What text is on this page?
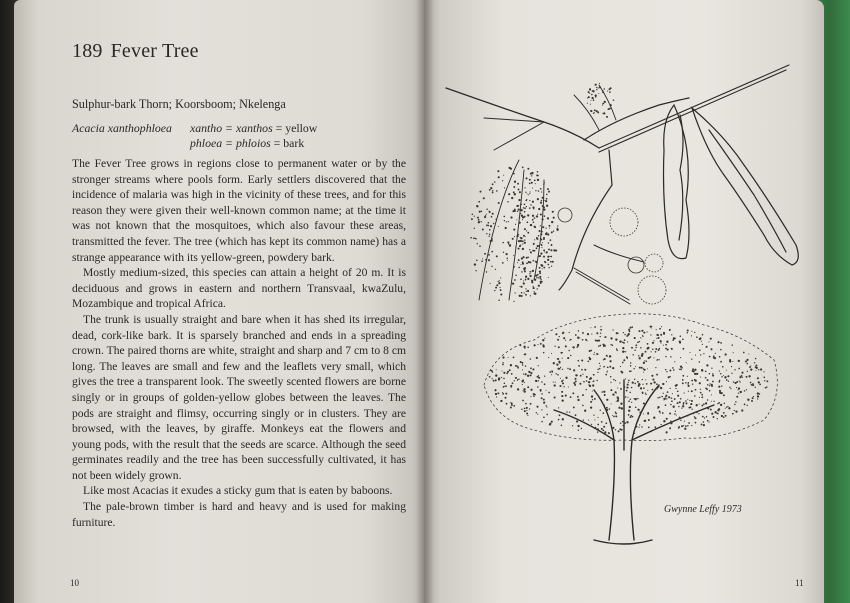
189 Fever Tree
Sulphur-bark Thorn; Koorsboom; Nkelenga
Acacia xanthophloea xantho = xanthos = yellow
phloea = phloios = bark

The Fever Tree grows in regions close to permanent water or by the stronger streams where pools form. Early settlers discovered that the incidence of malaria was high in the vicinity of these trees, and for this reason they were given their well-known common name; at the time it was not known that the mosquitoes, which also favour these areas, transmitted the fever. The tree (which has kept its common name) has a strange appearance with its yellow-green, powdery bark.

Mostly medium-sized, this species can attain a height of 20 m. It is deciduous and grows in eastern and northern Transvaal, kwaZulu, Mozambique and tropical Africa.

The trunk is usually straight and bare when it has shed its irregular, dead, cork-like bark. It is sparsely branched and ends in a spreading crown. The paired thorns are white, straight and sharp and 7 cm to 8 cm long. The leaves are small and few and the leaflets very small, which gives the tree a transparent look. The sweetly scented flowers are borne singly or in groups of golden-yellow globes between the leaves. The pods are straight and flimsy, occurring singly or in clusters. They are browsed, with the leaves, by giraffe. Monkeys eat the flowers and young pods, with the result that the seeds are scarce. Although the seed germinates readily and the tree has been successfully cultivated, it has not been widely grown.

Like most Acacias it exudes a sticky gum that is eaten by baboons.

The pale-brown timber is hard and heavy and is used for making furniture.

10
Gwynne Leffy 1973
11
